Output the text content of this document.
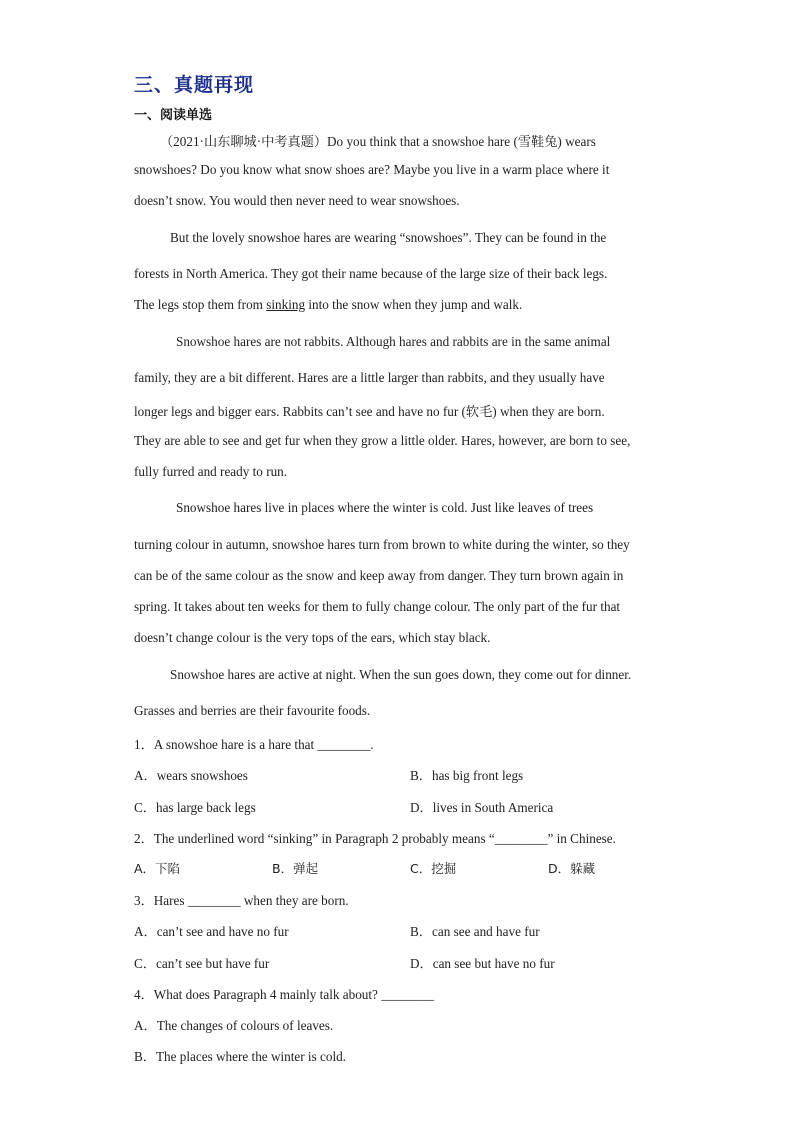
三、真题再现
一、阅读单选
（2021·山东聊城·中考真题）Do you think that a snowshoe hare (雪鞋兔) wears
snowshoes? Do you know what snow shoes are? Maybe you live in a warm place where it
doesn’t snow. You would then never need to wear snowshoes.
But the lovely snowshoe hares are wearing “snowshoes”. They can be found in the
forests in North America. They got their name because of the large size of their back legs.
The legs stop them from sinking into the snow when they jump and walk.
Snowshoe hares are not rabbits. Although hares and rabbits are in the same animal
family, they are a bit different. Hares are a little larger than rabbits, and they usually have
longer legs and bigger ears. Rabbits can’t see and have no fur (软毛) when they are born.
They are able to see and get fur when they grow a little older. Hares, however, are born to see,
fully furred and ready to run.
Snowshoe hares live in places where the winter is cold. Just like leaves of trees
turning colour in autumn, snowshoe hares turn from brown to white during the winter, so they
can be of the same colour as the snow and keep away from danger. They turn brown again in
spring. It takes about ten weeks for them to fully change colour. The only part of the fur that
doesn’t change colour is the very tops of the ears, which stay black.
Snowshoe hares are active at night. When the sun goes down, they come out for dinner.
Grasses and berries are their favourite foods.
1．A snowshoe hare is a hare that ________.
A．wears snowshoes	B．has big front legs
C．has large back legs	D．lives in South America
2．The underlined word “sinking” in Paragraph 2 probably means “________” in Chinese.
A．下陷	B．弹起	C．挖掘	D．躲藏
3．Hares ________ when they are born.
A．can’t see and have no fur	B．can see and have fur
C．can’t see but have fur	D．can see but have no fur
4．What does Paragraph 4 mainly talk about? ________
A．The changes of colours of leaves.
B．The places where the winter is cold.
